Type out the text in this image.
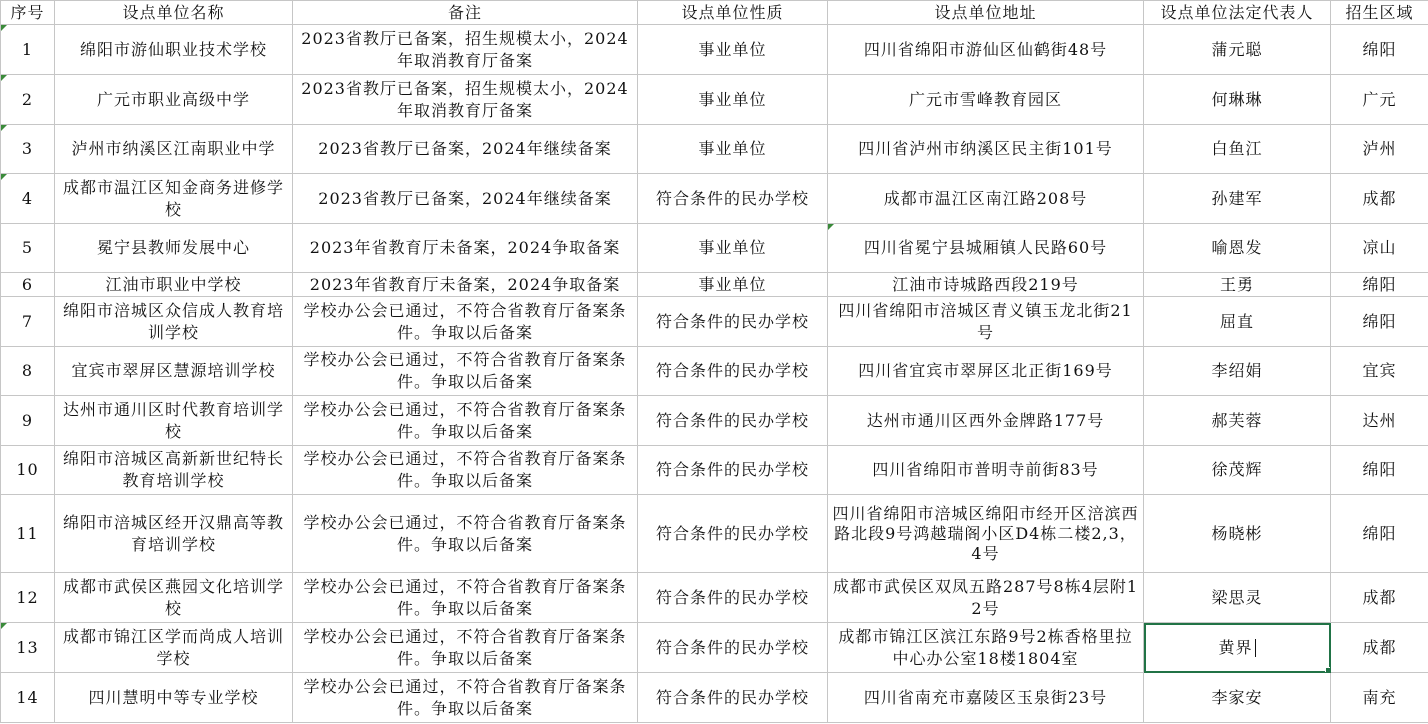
序号	设点单位名称	备注	设点单位性质	设点单位地址	设点单位法定代表人	招生区域
1	绵阳市游仙职业技术学校	2023省教厅已备案，招生规模太小，2024年取消教育厅备案	事业单位	四川省绵阳市游仙区仙鹤街48号	蒲元聪	绵阳
2	广元市职业高级中学	2023省教厅已备案，招生规模太小，2024年取消教育厅备案	事业单位	广元市雪峰教育园区	何琳琳	广元
3	泸州市纳溪区江南职业中学	2023省教厅已备案，2024年继续备案	事业单位	四川省泸州市纳溪区民主街101号	白鱼江	泸州
4	成都市温江区知金商务进修学校	2023省教厅已备案，2024年继续备案	符合条件的民办学校	成都市温江区南江路208号	孙建军	成都
5	冕宁县教师发展中心	2023年省教育厅未备案，2024争取备案	事业单位	四川省冕宁县城厢镇人民路60号	喻恩发	凉山
6	江油市职业中学校	2023年省教育厅未备案，2024争取备案	事业单位	江油市诗城路西段219号	王勇	绵阳
7	绵阳市涪城区众信成人教育培训学校	学校办公会已通过，不符合省教育厅备案条件。争取以后备案	符合条件的民办学校	四川省绵阳市涪城区青义镇玉龙北街21号	屈直	绵阳
8	宜宾市翠屏区慧源培训学校	学校办公会已通过，不符合省教育厅备案条件。争取以后备案	符合条件的民办学校	四川省宜宾市翠屏区北正街169号	李绍娟	宜宾
9	达州市通川区时代教育培训学校	学校办公会已通过，不符合省教育厅备案条件。争取以后备案	符合条件的民办学校	达州市通川区西外金牌路177号	郝芙蓉	达州
10	绵阳市涪城区高新新世纪特长教育培训学校	学校办公会已通过，不符合省教育厅备案条件。争取以后备案	符合条件的民办学校	四川省绵阳市普明寺前街83号	徐茂辉	绵阳
11	绵阳市涪城区经开汉鼎高等教育培训学校	学校办公会已通过，不符合省教育厅备案条件。争取以后备案	符合条件的民办学校	四川省绵阳市涪城区绵阳市经开区涪滨西路北段9号鸿越瑞阁小区D4栋二楼2,3，4号	杨晓彬	绵阳
12	成都市武侯区燕园文化培训学校	学校办公会已通过，不符合省教育厅备案条件。争取以后备案	符合条件的民办学校	成都市武侯区双凤五路287号8栋4层附12号	梁思灵	成都
13	成都市锦江区学而尚成人培训学校	学校办公会已通过，不符合省教育厅备案条件。争取以后备案	符合条件的民办学校	成都市锦江区滨江东路9号2栋香格里拉中心办公室18楼1804室	黄界	成都
14	四川慧明中等专业学校	学校办公会已通过，不符合省教育厅备案条件。争取以后备案	符合条件的民办学校	四川省南充市嘉陵区玉泉街23号	李家安	南充
